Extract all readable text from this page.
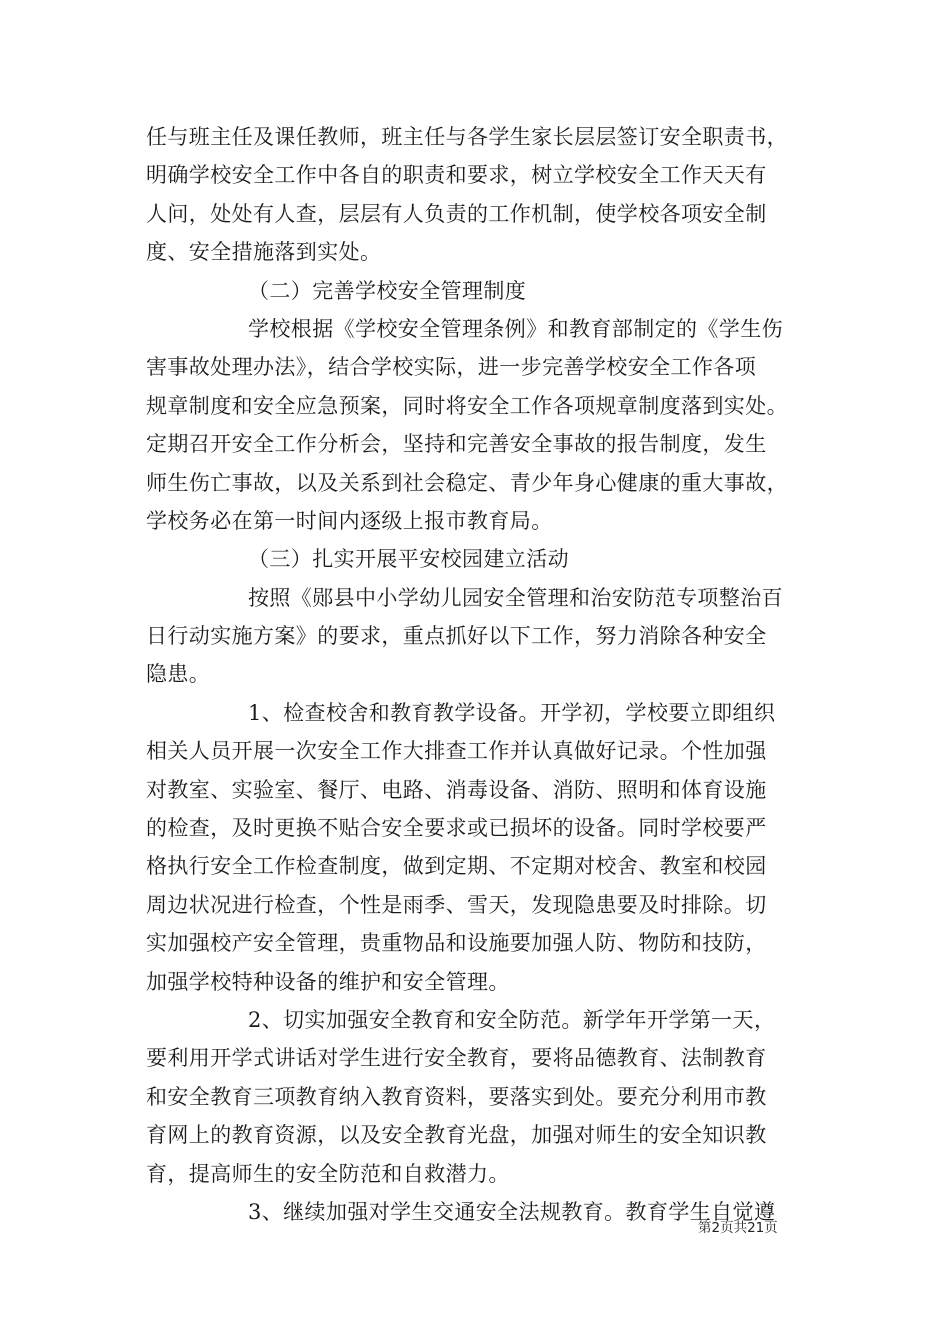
任与班主任及课任教师，班主任与各学生家长层层签订安全职责书，
明确学校安全工作中各自的职责和要求，树立学校安全工作天天有
人问，处处有人查，层层有人负责的工作机制，使学校各项安全制
度、安全措施落到实处。
（二）完善学校安全管理制度
学校根据《学校安全管理条例》和教育部制定的《学生伤
害事故处理办法》，结合学校实际，进一步完善学校安全工作各项
规章制度和安全应急预案，同时将安全工作各项规章制度落到实处。
定期召开安全工作分析会，坚持和完善安全事故的报告制度，发生
师生伤亡事故，以及关系到社会稳定、青少年身心健康的重大事故，
学校务必在第一时间内逐级上报市教育局。
（三）扎实开展平安校园建立活动
按照《郧县中小学幼儿园安全管理和治安防范专项整治百
日行动实施方案》的要求，重点抓好以下工作，努力消除各种安全
隐患。
1、检查校舍和教育教学设备。开学初，学校要立即组织
相关人员开展一次安全工作大排查工作并认真做好记录。个性加强
对教室、实验室、餐厅、电路、消毒设备、消防、照明和体育设施
的检查，及时更换不贴合安全要求或已损坏的设备。同时学校要严
格执行安全工作检查制度，做到定期、不定期对校舍、教室和校园
周边状况进行检查，个性是雨季、雪天，发现隐患要及时排除。切
实加强校产安全管理，贵重物品和设施要加强人防、物防和技防，
加强学校特种设备的维护和安全管理。
2、切实加强安全教育和安全防范。新学年开学第一天，
要利用开学式讲话对学生进行安全教育，要将品德教育、法制教育
和安全教育三项教育纳入教育资料，要落实到处。要充分利用市教
育网上的教育资源，以及安全教育光盘，加强对师生的安全知识教
育，提高师生的安全防范和自救潜力。
3、继续加强对学生交通安全法规教育。教育学生自觉遵
第2页共21页
